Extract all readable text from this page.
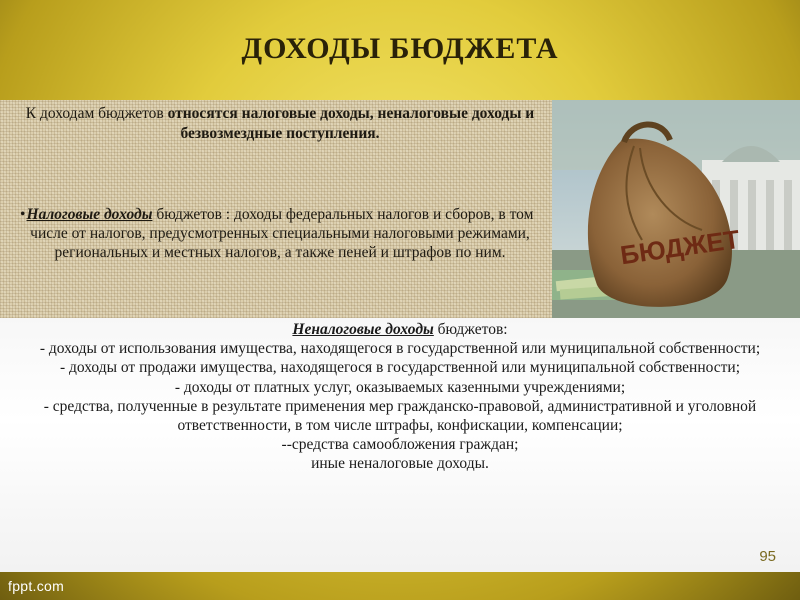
ДОХОДЫ БЮДЖЕТА
К доходам бюджетов относятся налоговые доходы, неналоговые доходы и безвозмездные поступления.
• Налоговые доходы бюджетов : доходы федеральных налогов и сборов, в том числе от налогов, предусмотренных специальными налоговыми режимами, региональных и местных налогов, а также пеней и штрафов по ним.	БЮДЖЕТ
Неналоговые доходы бюджетов:
- доходы от использования имущества, находящегося в государственной или муниципальной собственности;
- доходы от продажи имущества, находящегося в государственной или муниципальной собственности;
- доходы от платных услуг, оказываемых казенными учреждениями;
- средства, полученные в результате применения мер гражданско-правовой, административной и уголовной ответственности, в том числе штрафы, конфискации, компенсации;
--средства самообложения граждан;
иные неналоговые доходы.
95
fppt.com
